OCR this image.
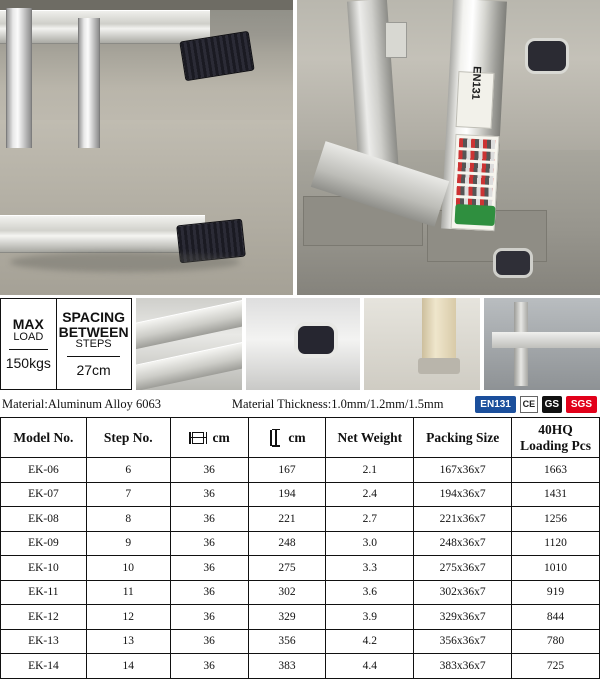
EN131
MAX
LOAD
150kgs
SPACING
BETWEEN
STEPS
27cm
Material:Aluminum Alloy 6063	Material Thickness:1.0mm/1.2mm/1.5mm	EN131	CE GS	SGS
Model No.	Step No.	cm	cm	Net Weight	Packing Size	40HQ
Loading Pcs
EK-06	6	36	167	2.1	167x36x7	1663
EK-07	7	36	194	2.4	194x36x7	1431
EK-08	8	36	221	2.7	221x36x7	1256
EK-09	9	36	248	3.0	248x36x7	1120
EK-10	10	36	275	3.3	275x36x7	1010
EK-11	11	36	302	3.6	302x36x7	919
EK-12	12	36	329	3.9	329x36x7	844
EK-13	13	36	356	4.2	356x36x7	780
EK-14	14	36	383	4.4	383x36x7	725
